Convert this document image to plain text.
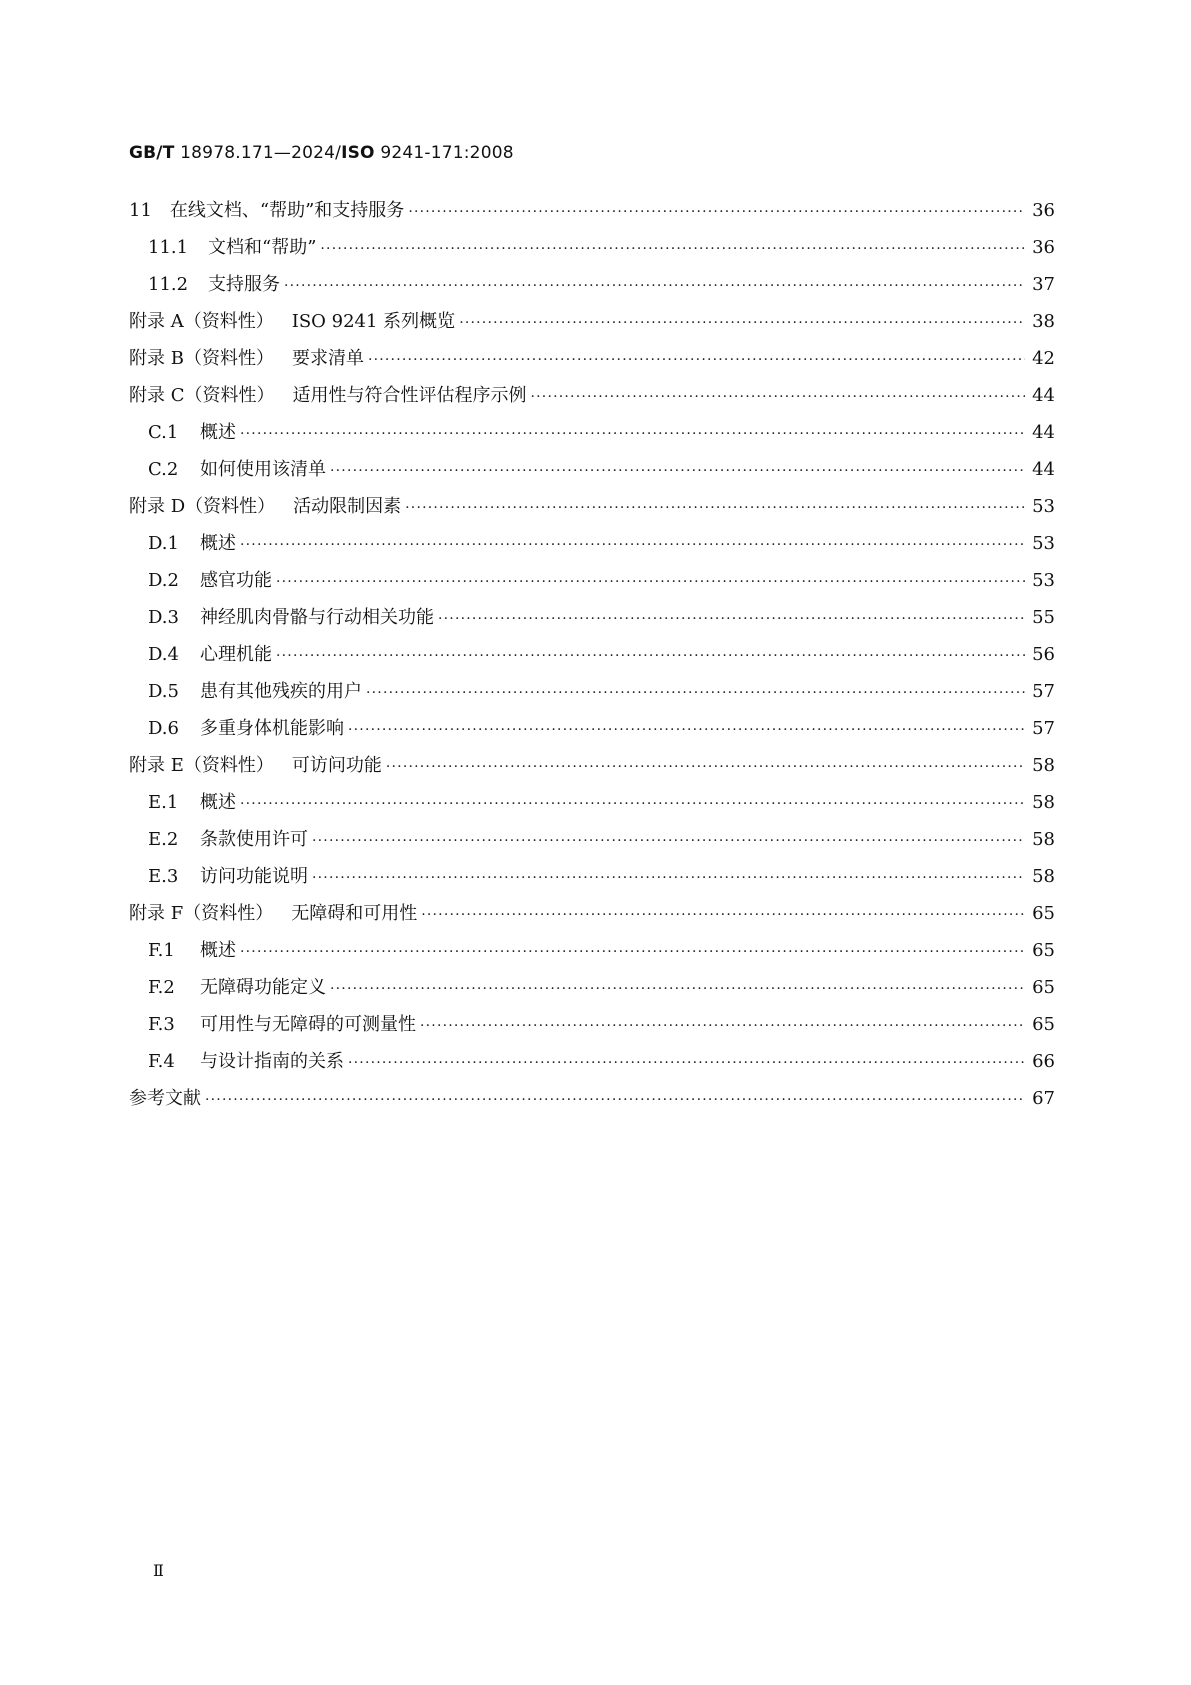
GB/T 18978.171—2024/ISO 9241-171:2008
11 在线文档、“帮助”和支持服务 ·····	36
11.1 文档和“帮助” ·····	36
11.2 支持服务 ·····	37
附录 A（资料性） ISO 9241 系列概览 ·····	38
附录 B（资料性） 要求清单 ·····	42
附录 C（资料性） 适用性与符合性评估程序示例 ·····	44
C.1 概述 ·····	44
C.2 如何使用该清单 ·····	44
附录 D（资料性） 活动限制因素 ·····	53
D.1 概述 ·····	53
D.2 感官功能 ·····	53
D.3 神经肌肉骨骼与行动相关功能 ·····	55
D.4 心理机能 ·····	56
D.5 患有其他残疾的用户 ·····	57
D.6 多重身体机能影响 ·····	57
附录 E（资料性） 可访问功能 ·····	58
E.1 概述 ·····	58
E.2 条款使用许可 ·····	58
E.3 访问功能说明 ·····	58
附录 F（资料性） 无障碍和可用性 ·····	65
F.1	概述 ·····	65
F.2	无障碍功能定义 ·····	65
F.3	可用性与无障碍的可测量性 ·····	65
F.4	与设计指南的关系 ·····	66
参考文献 ·····	67
Ⅱ
